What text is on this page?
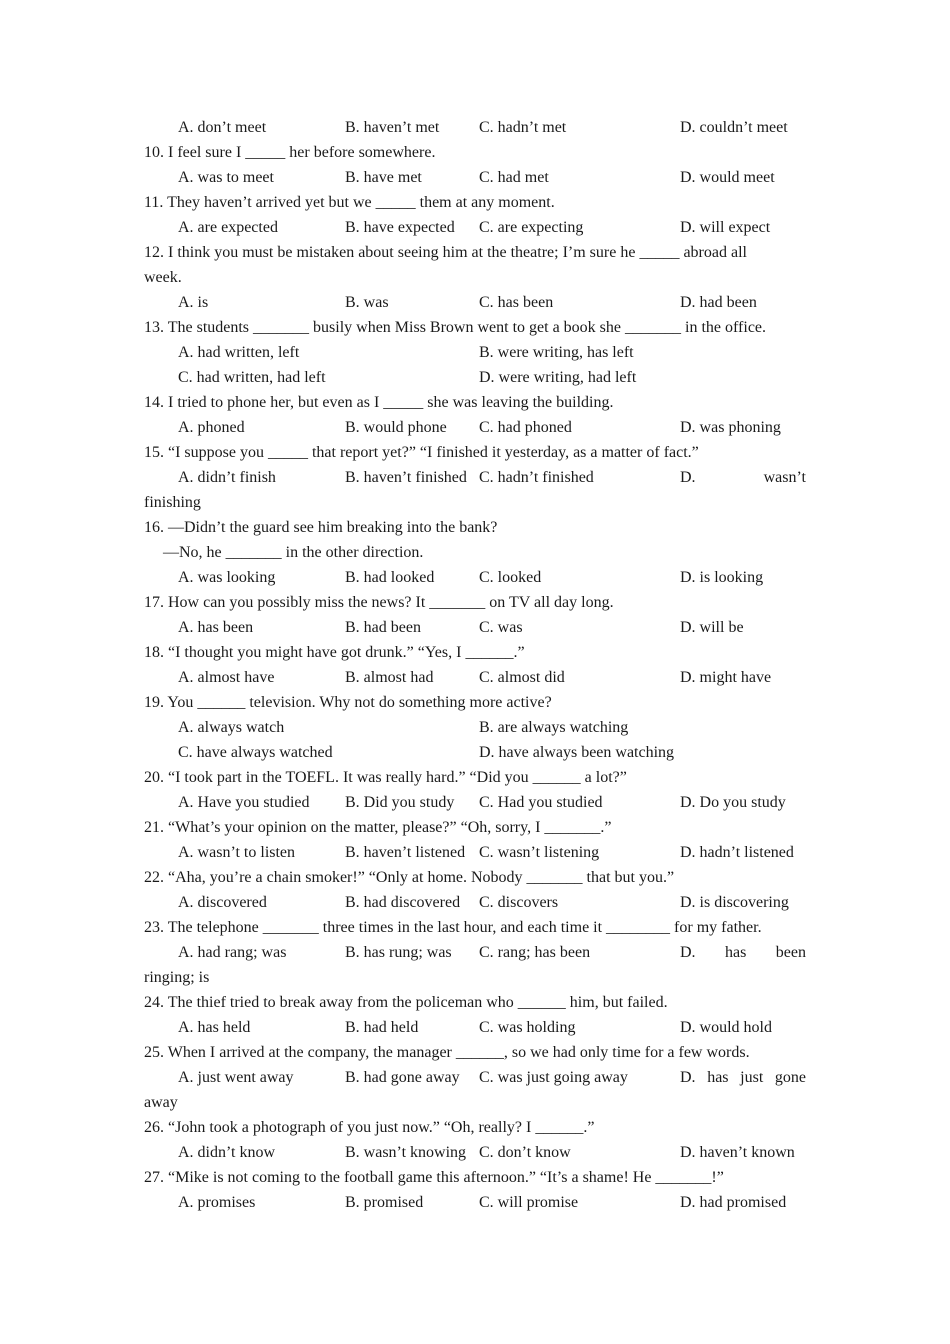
A. don’t meet	B. haven’t met C. hadn’t met	D. couldn’t meet
10. I feel sure I _____ her before somewhere.
A. was to meet	B. have met	C. had met	D. would meet
11. They haven’t arrived yet but we _____ them at any moment.
A. are expected	B. have expected C. are expecting	D. will expect
12. I think you must be mistaken about seeing him at the theatre; I’m sure he _____ abroad all
week.
A. is	B. was	C. has been	D. had been
13. The students _______ busily when Miss Brown went to get a book she _______ in the office.
A. had written, left	B. were writing, has left
C. had written, had left	D. were writing, had left
14. I tried to phone her, but even as I _____ she was leaving the building.
A. phoned	B. would phone C. had phoned	D. was phoning
15. “I suppose you _____ that report yet?” “I finished it yesterday, as a matter of fact.”
A. didn’t finish	B. haven’t finished C. hadn’t finished	D.	wasn’t
finishing
16. —Didn’t the guard see him breaking into the bank?
—No, he _______ in the other direction.
A. was looking	B. had looked	C. looked	D. is looking
17. How can you possibly miss the news? It _______ on TV all day long.
A. has been	B. had been	C. was	D. will be
18. “I thought you might have got drunk.” “Yes, I ______.”
A. almost have	B. almost had	C. almost did	D. might have
19. You ______ television. Why not do something more active?
A. always watch	B. are always watching
C. have always watched	D. have always been watching
20. “I took part in the TOEFL. It was really hard.” “Did you ______ a lot?”
A. Have you studied B. Did you study C. Had you studied	D. Do you study
21. “What’s your opinion on the matter, please?” “Oh, sorry, I _______.”
A. wasn’t to listen	B. haven’t listened C. wasn’t listening	D. hadn’t listened
22. “Aha, you’re a chain smoker!” “Only at home. Nobody _______ that but you.”
A. discovered	B. had discovered C. discovers	D. is discovering
23. The telephone _______ three times in the last hour, and each time it ________ for my father.
A. had rang; was	B. has rung; was C. rang; has been	D. has been
ringing; is
24. The thief tried to break away from the policeman who ______ him, but failed.
A. has held	B. had held	C. was holding	D. would hold
25. When I arrived at the company, the manager ______, so we had only time for a few words.
A. just went away	B. had gone away C. was just going away	D. has just gone
away
26. “John took a photograph of you just now.” “Oh, really? I ______.”
A. didn’t know	B. wasn’t knowing C. don’t know	D. haven’t known
27. “Mike is not coming to the football game this afternoon.” “It’s a shame! He _______!”
A. promises	B. promised	C. will promise	D. had promised
